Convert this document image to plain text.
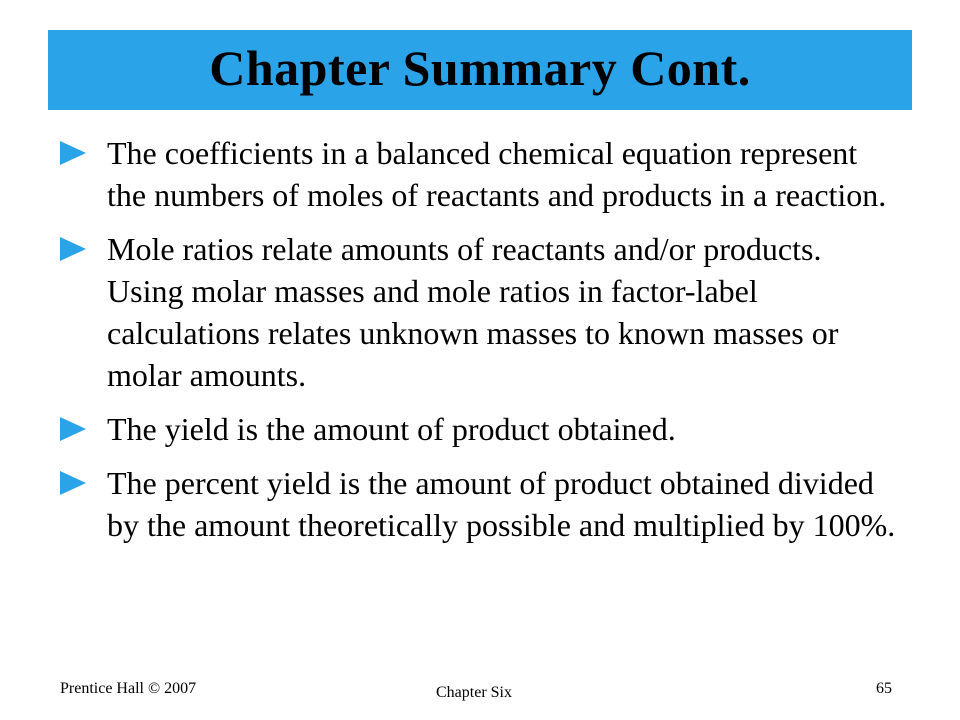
Chapter Summary Cont.
The coefficients in a balanced chemical equation represent the numbers of moles of reactants and products in a reaction.
Mole ratios relate amounts of reactants and/or products. Using molar masses and mole ratios in factor-label calculations relates unknown masses to known masses or molar amounts.
The yield is the amount of product obtained.
The percent yield is the amount of product obtained divided by the amount theoretically possible and multiplied by 100%.
Prentice Hall © 2007	Chapter Six	65
